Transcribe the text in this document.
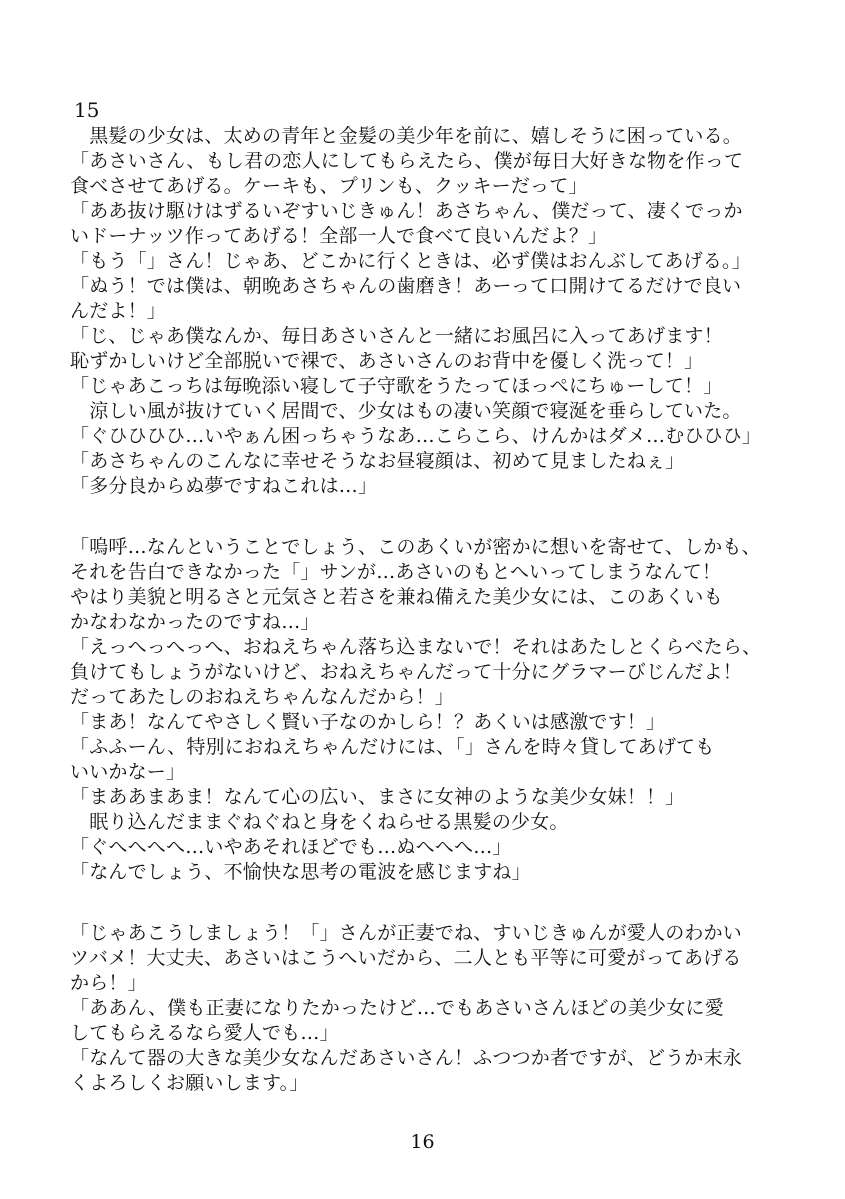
15
　黒髪の少女は、太めの青年と金髪の美少年を前に、嬉しそうに困っている。
「あさいさん、もし君の恋人にしてもらえたら、僕が毎日大好きな物を作って
食べさせてあげる。ケーキも、プリンも、クッキーだって」
「ああ抜け駆けはずるいぞすいじきゅん！あさちゃん、僕だって、凄くでっか
いドーナッツ作ってあげる！全部一人で食べて良いんだよ？」
「もう「」さん！じゃあ、どこかに行くときは、必ず僕はおんぶしてあげる。」
「ぬう！では僕は、朝晩あさちゃんの歯磨き！あーって口開けてるだけで良い
んだよ！」
「じ、じゃあ僕なんか、毎日あさいさんと一緒にお風呂に入ってあげます！
恥ずかしいけど全部脱いで裸で、あさいさんのお背中を優しく洗って！」
「じゃあこっちは毎晩添い寝して子守歌をうたってほっぺにちゅーして！」
　涼しい風が抜けていく居間で、少女はもの凄い笑顔で寝涎を垂らしていた。
「ぐひひひひ…いやぁん困っちゃうなあ…こらこら、けんかはダメ…むひひひ」
「あさちゃんのこんなに幸せそうなお昼寝顔は、初めて見ましたねぇ」
「多分良からぬ夢ですねこれは…」
「嗚呼…なんということでしょう、このあくいが密かに想いを寄せて、しかも、
それを告白できなかった「」サンが…あさいのもとへいってしまうなんて！
やはり美貌と明るさと元気さと若さを兼ね備えた美少女には、このあくいも
かなわなかったのですね…」
「えっへっへっへ、おねえちゃん落ち込まないで！それはあたしとくらべたら、
負けてもしょうがないけど、おねえちゃんだって十分にグラマーびじんだよ！
だってあたしのおねえちゃんなんだから！」
「まあ！なんてやさしく賢い子なのかしら！？あくいは感激です！」
「ふふーん、特別におねえちゃんだけには、「」さんを時々貸してあげても
いいかなー」
「まああまあま！なんて心の広い、まさに女神のような美少女妹！！」
　眠り込んだままぐねぐねと身をくねらせる黒髪の少女。
「ぐへへへへ…いやあそれほどでも…ぬへへへ…」
「なんでしょう、不愉快な思考の電波を感じますね」
「じゃあこうしましょう！「」さんが正妻でね、すいじきゅんが愛人のわかい
ツバメ！大丈夫、あさいはこうへいだから、二人とも平等に可愛がってあげる
から！」
「ああん、僕も正妻になりたかったけど…でもあさいさんほどの美少女に愛
してもらえるなら愛人でも…」
「なんて器の大きな美少女なんだあさいさん！ふつつか者ですが、どうか末永
くよろしくお願いします。」
16
